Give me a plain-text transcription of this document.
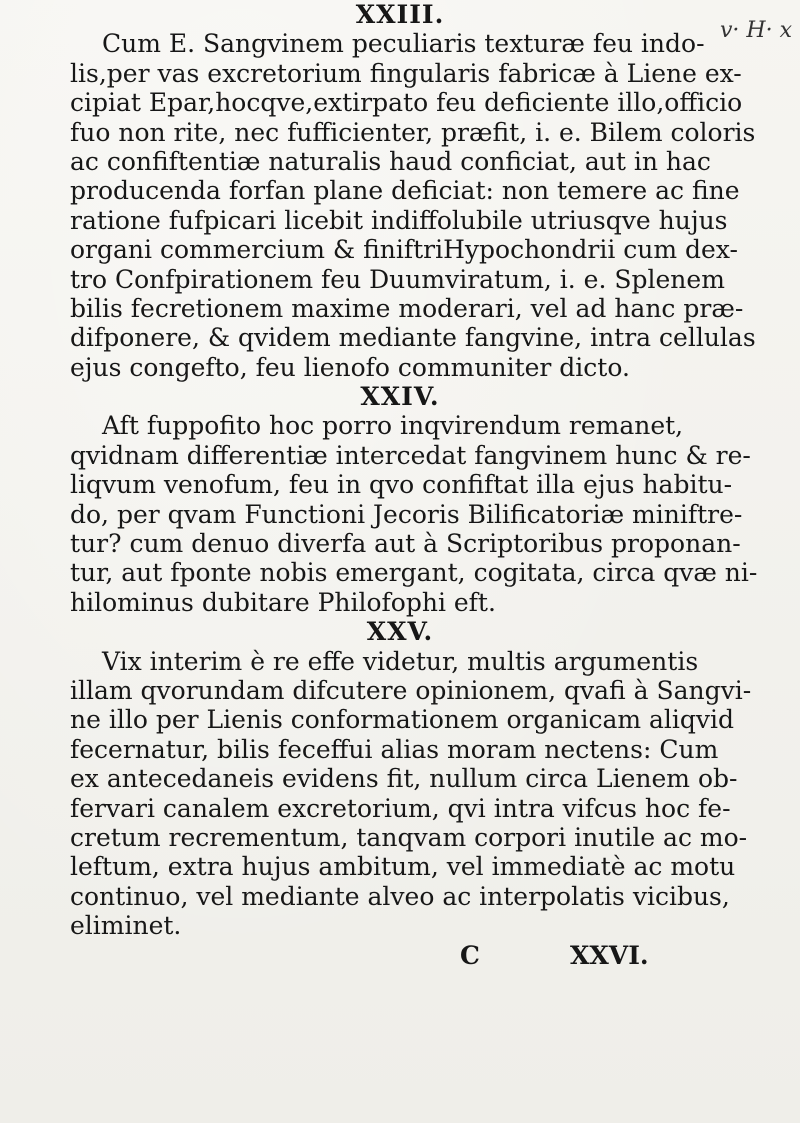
v· H· x
XXIII.
Cum E. Sangvinem peculiaris texturæ feu indo-
lis,per vas excretorium fingularis fabricæ à Liene ex-
cipiat Epar,hocqve,extirpato feu deficiente illo,officio
fuo non rite, nec fufficienter, præfit, i. e. Bilem coloris
ac confiftentiæ naturalis haud conficiat, aut in hac
producenda forfan plane deficiat: non temere ac fine
ratione fufpicari licebit indiffolubile utriusqve hujus
organi commercium & finiftriHypochondrii cum dex-
tro Confpirationem feu Duumviratum, i. e. Splenem
bilis fecretionem maxime moderari, vel ad hanc præ-
difponere, & qvidem mediante fangvine, intra cellulas
ejus congefto, feu lienofo communiter dicto.
XXIV.
Aft fuppofito hoc porro inqvirendum remanet,
qvidnam differentiæ intercedat fangvinem hunc & re-
liqvum venofum, feu in qvo confiftat illa ejus habitu-
do, per qvam Functioni Jecoris Bilificatoriæ miniftre-
tur? cum denuo diverfa aut à Scriptoribus proponan-
tur, aut fponte nobis emergant, cogitata, circa qvæ ni-
hilominus dubitare Philofophi eft.
XXV.
Vix interim è re effe videtur, multis argumentis
illam qvorundam difcutere opinionem, qvafi à Sangvi-
ne illo per Lienis conformationem organicam aliqvid
fecernatur, bilis feceffui alias moram nectens: Cum
ex antecedaneis evidens fit, nullum circa Lienem ob-
fervari canalem excretorium, qvi intra vifcus hoc fe-
cretum recrementum, tanqvam corpori inutile ac mo-
leftum, extra hujus ambitum, vel immediatè ac motu
continuo, vel mediante alveo ac interpolatis vicibus,
eliminet.
C	XXVI.
